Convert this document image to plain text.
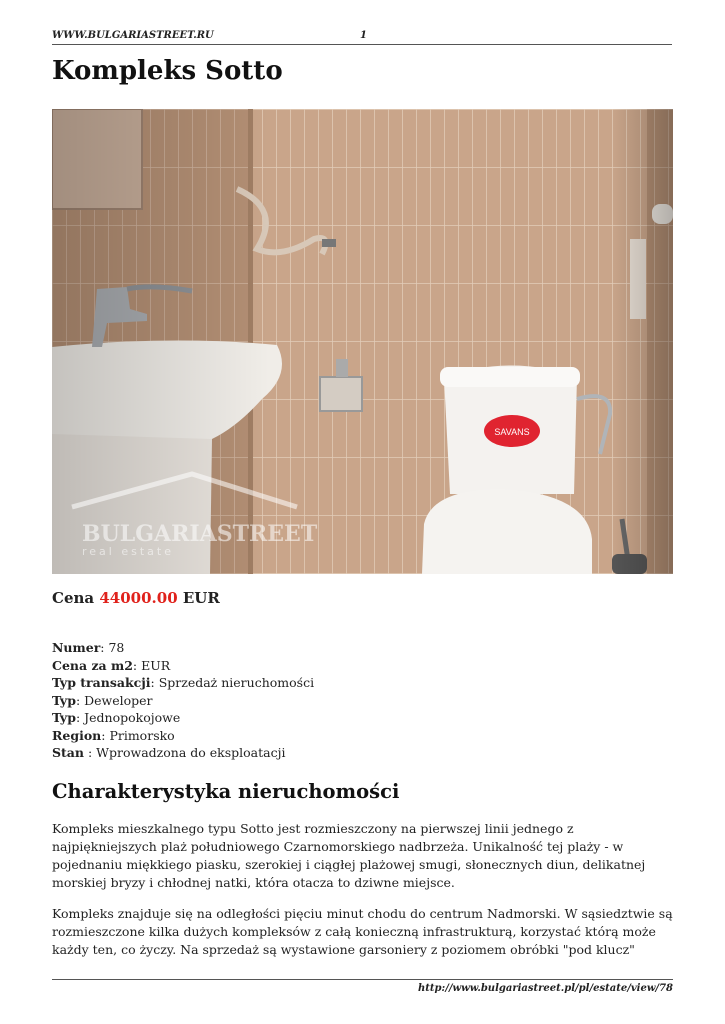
WWW.BULGARIASTREET.RU	1
Kompleks Sotto
BULGARIASTREET
real estate
Cena 44000.00 EUR
Numer: 78
Cena za m2: EUR
Typ transakcji: Sprzedaż nieruchomości
Typ: Deweloper
Typ: Jednopokojowe
Region: Primorsko
Stan : Wprowadzona do eksploatacji
Charakterystyka nieruchomości

Kompleks mieszkalnego typu Sotto jest rozmieszczony na pierwszej linii jednego z najpiękniejszych plaż południowego Czarnomorskiego nadbrzeża. Unikalność tej plaży - w pojednaniu miękkiego piasku, szerokiej i ciągłej plażowej smugi, słonecznych diun, delikatnej morskiej bryzy i chłodnej natki, która otacza to dziwne miejsce.

Kompleks znajduje się na odległości pięciu minut chodu do centrum Nadmorski. W sąsiedztwie są rozmieszczone kilka dużych kompleksów z całą konieczną infrastrukturą, korzystać którą może każdy ten, co życzy. Na sprzedaż są wystawione garsoniery z poziomem obróbki "pod klucz"

http://www.bulgariastreet.pl/pl/estate/view/78
